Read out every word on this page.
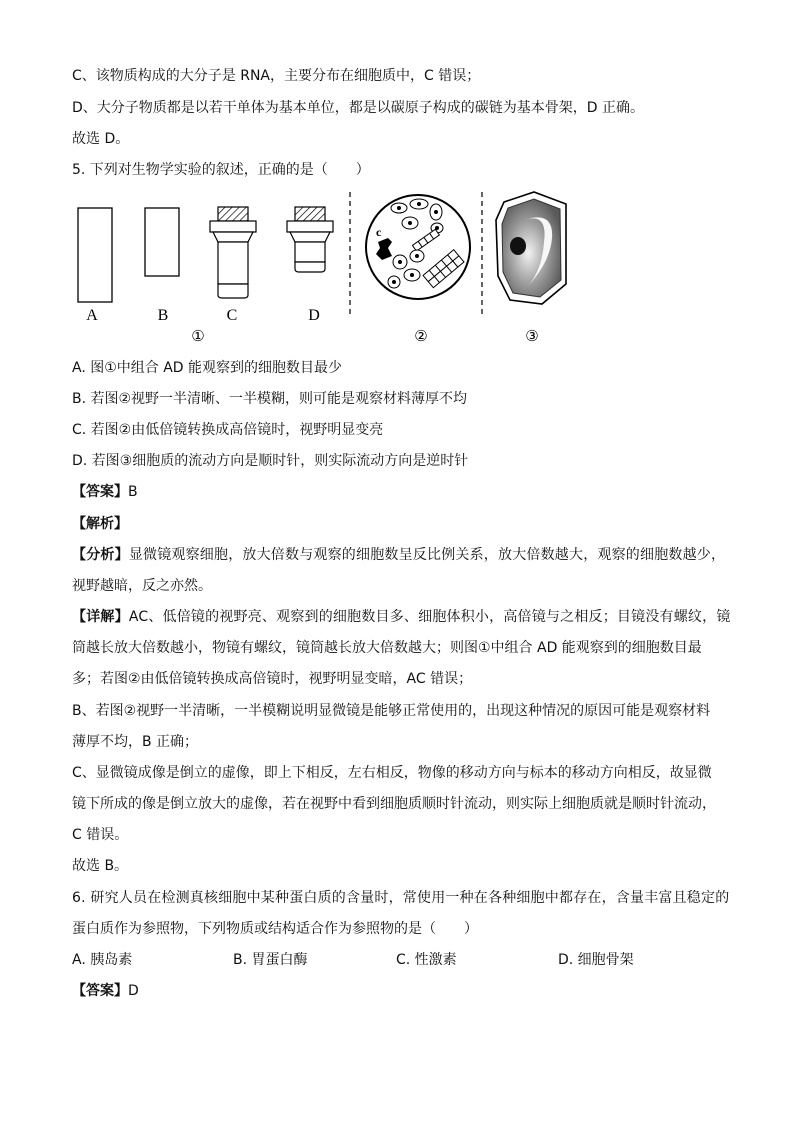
C、该物质构成的大分子是 RNA，主要分布在细胞质中，C 错误；
D、大分子物质都是以若干单体为基本单位，都是以碳原子构成的碳链为基本骨架，D 正确。
故选 D。
5. 下列对生物学实验的叙述，正确的是（　　）
A	B	C	D
①
c
②	③
A. 图①中组合 AD 能观察到的细胞数目最少
B. 若图②视野一半清晰、一半模糊，则可能是观察材料薄厚不均
C. 若图②由低倍镜转换成高倍镜时，视野明显变亮
D. 若图③细胞质的流动方向是顺时针，则实际流动方向是逆时针
【答案】B
【解析】
【分析】显微镜观察细胞，放大倍数与观察的细胞数呈反比例关系，放大倍数越大，观察的细胞数越少，
视野越暗，反之亦然。
【详解】AC、低倍镜的视野亮、观察到的细胞数目多、细胞体积小，高倍镜与之相反；目镜没有螺纹，镜
筒越长放大倍数越小，物镜有螺纹，镜筒越长放大倍数越大；则图①中组合 AD 能观察到的细胞数目最
多；若图②由低倍镜转换成高倍镜时，视野明显变暗，AC 错误；
B、若图②视野一半清晰，一半模糊说明显微镜是能够正常使用的，出现这种情况的原因可能是观察材料
薄厚不均，B 正确；
C、显微镜成像是倒立的虚像，即上下相反，左右相反，物像的移动方向与标本的移动方向相反，故显微
镜下所成的像是倒立放大的虚像，若在视野中看到细胞质顺时针流动，则实际上细胞质就是顺时针流动，
C 错误。
故选 B。
6. 研究人员在检测真核细胞中某种蛋白质的含量时，常使用一种在各种细胞中都存在，含量丰富且稳定的
蛋白质作为参照物，下列物质或结构适合作为参照物的是（　　）
A. 胰岛素	B. 胃蛋白酶	C. 性激素	D. 细胞骨架
【答案】D
